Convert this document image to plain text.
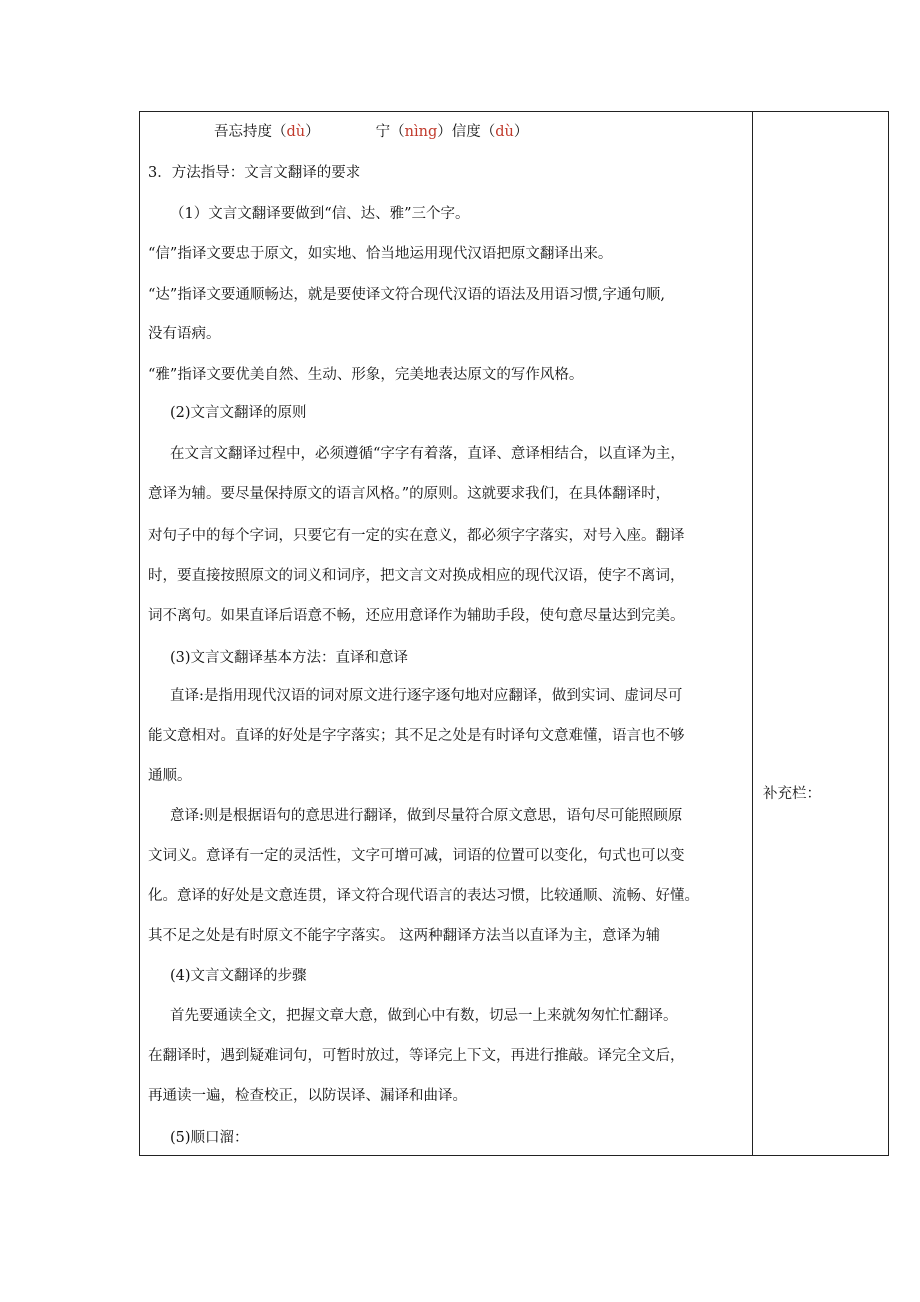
吾忘持度（dù）	宁（nìng）信度（dù）
3．方法指导：文言文翻译的要求
（1）文言文翻译要做到“信、达、雅”三个字。
“信”指译文要忠于原文，如实地、恰当地运用现代汉语把原文翻译出来。
“达”指译文要通顺畅达，就是要使译文符合现代汉语的语法及用语习惯,字通句顺,
没有语病。
“雅”指译文要优美自然、生动、形象，完美地表达原文的写作风格。
(2)文言文翻译的原则
在文言文翻译过程中，必须遵循“字字有着落，直译、意译相结合，以直译为主，
意译为辅。要尽量保持原文的语言风格。”的原则。这就要求我们，在具体翻译时，
对句子中的每个字词，只要它有一定的实在意义，都必须字字落实，对号入座。翻译
时，要直接按照原文的词义和词序，把文言文对换成相应的现代汉语，使字不离词，
词不离句。如果直译后语意不畅，还应用意译作为辅助手段，使句意尽量达到完美。
(3)文言文翻译基本方法：直译和意译
直译:是指用现代汉语的词对原文进行逐字逐句地对应翻译，做到实词、虚词尽可
能文意相对。直译的好处是字字落实；其不足之处是有时译句文意难懂，语言也不够
通顺。
意译:则是根据语句的意思进行翻译，做到尽量符合原文意思，语句尽可能照顾原
文词义。意译有一定的灵活性，文字可增可减，词语的位置可以变化，句式也可以变
化。意译的好处是文意连贯，译文符合现代语言的表达习惯，比较通顺、流畅、好懂。
其不足之处是有时原文不能字字落实。 这两种翻译方法当以直译为主，意译为辅
(4)文言文翻译的步骤
首先要通读全文，把握文章大意，做到心中有数，切忌一上来就匆匆忙忙翻译。
在翻译时，遇到疑难词句，可暂时放过，等译完上下文，再进行推敲。译完全文后，
再通读一遍，检查校正，以防误译、漏译和曲译。
(5)顺口溜：
补充栏：
